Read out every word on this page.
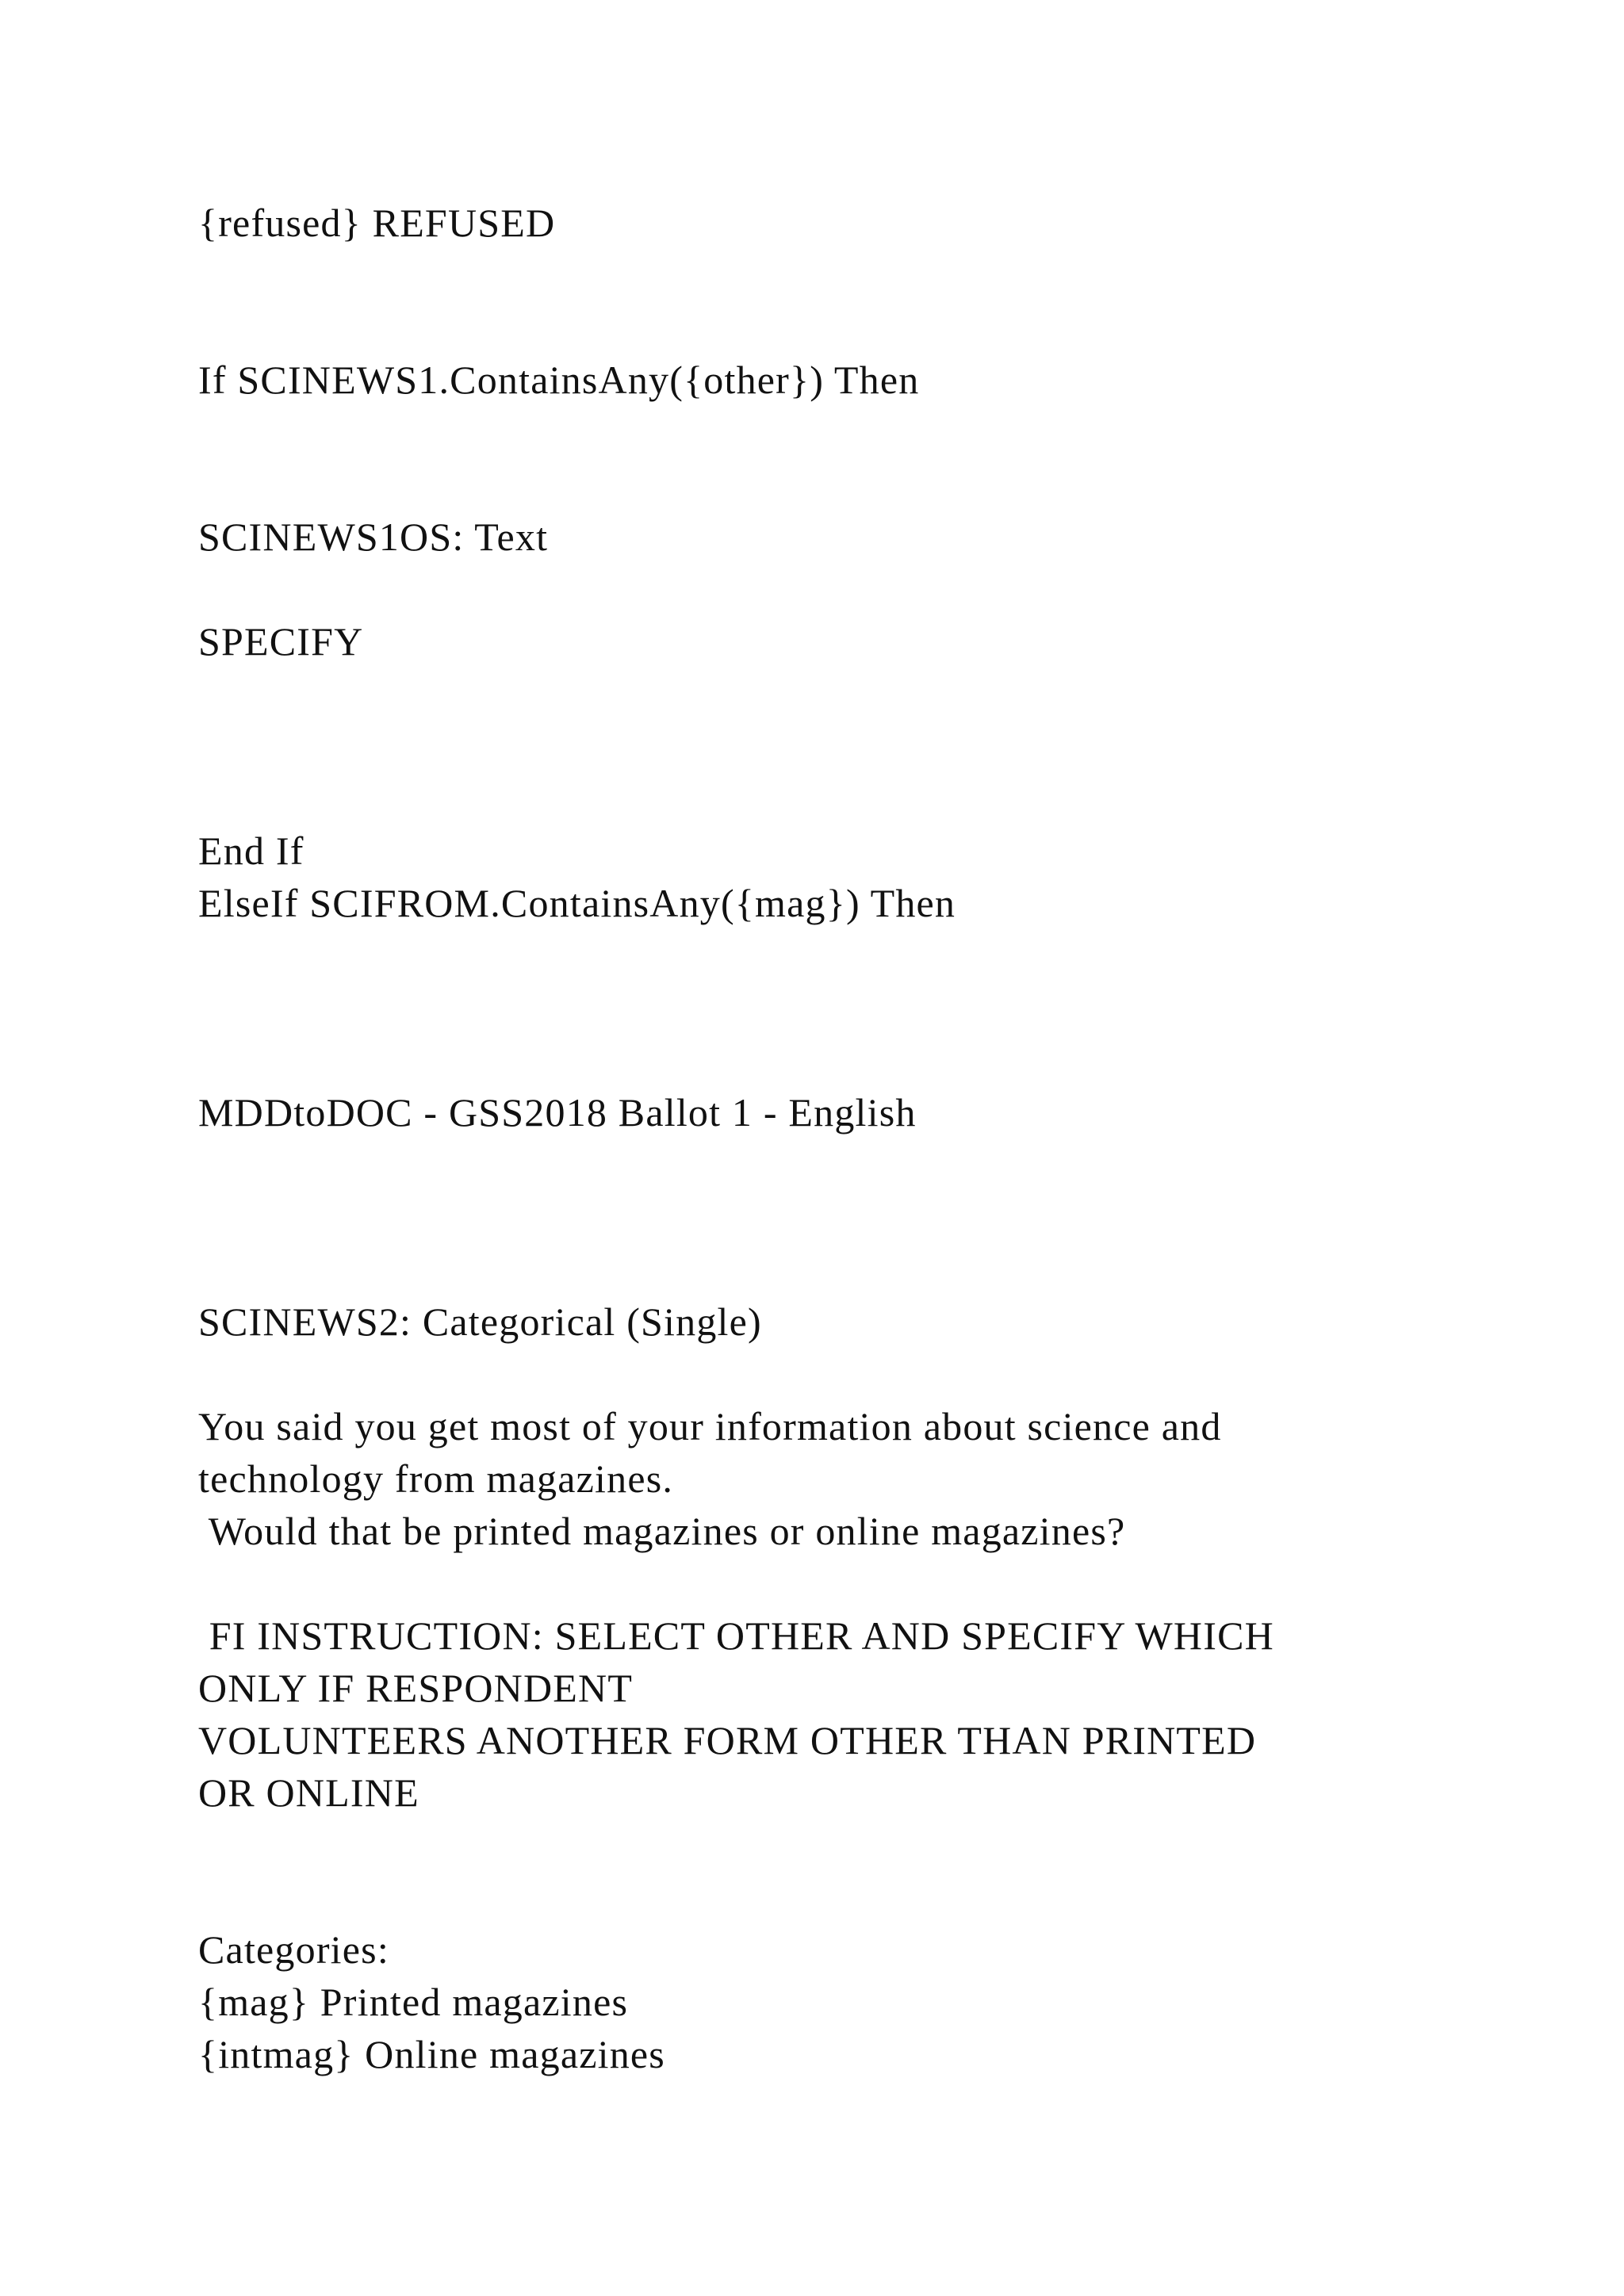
{refused} REFUSED

If SCINEWS1.ContainsAny({other}) Then

SCINEWS1OS: Text

SPECIFY

End If

ElseIf SCIFROM.ContainsAny({mag}) Then

MDDtoDOC - GSS2018 Ballot 1 - English

SCINEWS2: Categorical (Single)

You said you get most of your information about science and

technology from magazines.

Would that be printed magazines or online magazines?

FI INSTRUCTION: SELECT OTHER AND SPECIFY WHICH

ONLY IF RESPONDENT

VOLUNTEERS ANOTHER FORM OTHER THAN PRINTED

OR ONLINE

Categories:

{mag} Printed magazines

{intmag} Online magazines
